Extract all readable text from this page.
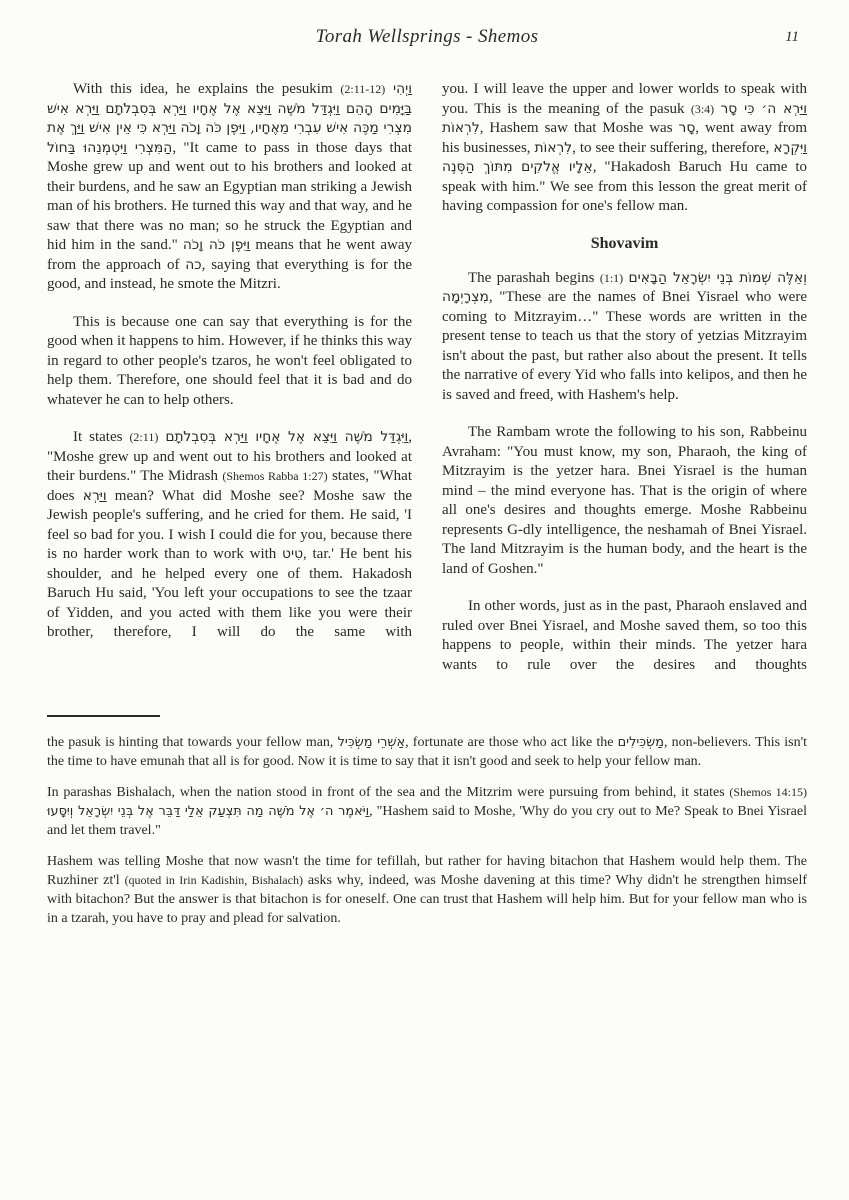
Torah Wellsprings - Shemos	11

With this idea, he explains the pesukim (2:11-12) וַיְהִי בַּיָּמִים הָהֵם וַיִּגְדַּל מֹשֶׁה וַיֵּצֵא אֶל אֶחָיו וַיַּרְא בְּסִבְלֹתָם וַיַּרְא אִישׁ מִצְרִי מַכֶּה אִישׁ עִבְרִי מֵאֶחָיו, וַיִּפֶן כֹּה וָכֹה וַיַּרְא כִּי אֵין אִישׁ וַיַּךְ אֶת הַמִּצְרִי וַיִּטְמְנֵהוּ בַּחוֹל, "It came to pass in those days that Moshe grew up and went out to his brothers and looked at their burdens, and he saw an Egyptian man striking a Jewish man of his brothers. He turned this way and that way, and he saw that there was no man; so he struck the Egyptian and hid him in the sand." וַיִּפֶן כֹּה וָכֹה means that he went away from the approach of כה, saying that everything is for the good, and instead, he smote the Mitzri.

This is because one can say that everything is for the good when it happens to him. However, if he thinks this way in regard to other people's tzaros, he won't feel obligated to help them. Therefore, one should feel that it is bad and do whatever he can to help others.

It states (2:11) וַיִּגְדַּל מֹשֶׁה וַיֵּצֵא אֶל אֶחָיו וַיַּרְא בְּסִבְלֹתָם, "Moshe grew up and went out to his brothers and looked at their burdens." The Midrash (Shemos Rabba 1:27) states, "What does וַיַּרְא mean? What did Moshe see? Moshe saw the Jewish people's suffering, and he cried for them. He said, 'I feel so bad for you. I wish I could die for you, because there is no harder work than to work with טִיט, tar.' He bent his shoulder, and he helped every one of them. Hakadosh Baruch Hu said, 'You left your occupations to see the tzaar of Yidden, and you acted with them like you were their brother, therefore, I will do the same with

you. I will leave the upper and lower worlds to speak with you. This is the meaning of the pasuk (3:4) וַיַּרְא ה׳ כִּי סָר לִרְאוֹת, Hashem saw that Moshe was סָר, went away from his businesses, לִרְאוֹת, to see their suffering, therefore, וַיִּקְרָא אֵלָיו אֱלֹקִים מִתּוֹךְ הַסְּנֶה, "Hakadosh Baruch Hu came to speak with him." We see from this lesson the great merit of having compassion for one's fellow man.

Shovavim

The parashah begins (1:1) וְאֵלֶּה שְׁמוֹת בְּנֵי יִשְׂרָאֵל הַבָּאִים מִצְרָיְמָה, "These are the names of Bnei Yisrael who were coming to Mitzrayim…" These words are written in the present tense to teach us that the story of yetzias Mitzrayim isn't about the past, but rather also about the present. It tells the narrative of every Yid who falls into kelipos, and then he is saved and freed, with Hashem's help.

The Rambam wrote the following to his son, Rabbeinu Avraham: "You must know, my son, Pharaoh, the king of Mitzrayim is the yetzer hara. Bnei Yisrael is the human mind – the mind everyone has. That is the origin of where all one's desires and thoughts emerge. Moshe Rabbeinu represents G-dly intelligence, the neshamah of Bnei Yisrael. The land Mitzrayim is the human body, and the heart is the land of Goshen."

In other words, just as in the past, Pharaoh enslaved and ruled over Bnei Yisrael, and Moshe saved them, so too this happens to people, within their minds. The yetzer hara wants to rule over the desires and thoughts

the pasuk is hinting that towards your fellow man, אַשְׁרֵי מַשְׂכִּיל, fortunate are those who act like the מַשְׂכִּילִים, non-believers. This isn't the time to have emunah that all is for good. Now it is time to say that it isn't good and seek to help your fellow man.

In parashas Bishalach, when the nation stood in front of the sea and the Mitzrim were pursuing from behind, it states (Shemos 14:15) וַיֹּאמֶר ה׳ אֶל מֹשֶׁה מַה תִּצְעַק אֵלַי דַּבֵּר אֶל בְּנֵי יִשְׂרָאֵל וְיִסָּעוּ, "Hashem said to Moshe, 'Why do you cry out to Me? Speak to Bnei Yisrael and let them travel."

Hashem was telling Moshe that now wasn't the time for tefillah, but rather for having bitachon that Hashem would help them. The Ruzhiner zt'l (quoted in Irin Kadishin, Bishalach) asks why, indeed, was Moshe davening at this time? Why didn't he strengthen himself with bitachon? But the answer is that bitachon is for oneself. One can trust that Hashem will help him. But for your fellow man who is in a tzarah, you have to pray and plead for salvation.
